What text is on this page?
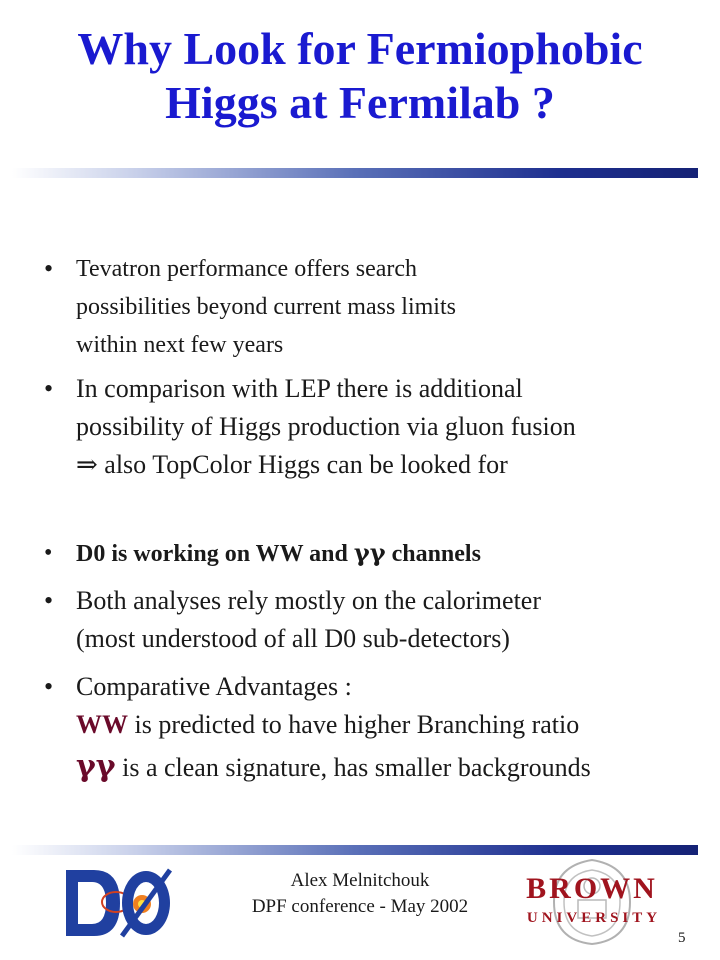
Why Look for Fermiophobic
Higgs at Fermilab ?
• Tevatron performance offers search
possibilities beyond current mass limits
within next few years
• In comparison with LEP there is additional
possibility of Higgs production via gluon fusion
⇒ also TopColor Higgs can be looked for
• D0 is working on WW and γγ channels
• Both analyses rely mostly on the calorimeter
(most understood of all D0 sub-detectors)
• Comparative Advantages :
WW is predicted to have higher Branching ratio
γγ is a clean signature, has smaller backgrounds
Alex Melnitchouk
DPF conference - May 2002
BROWN
UNIVERSITY
5
